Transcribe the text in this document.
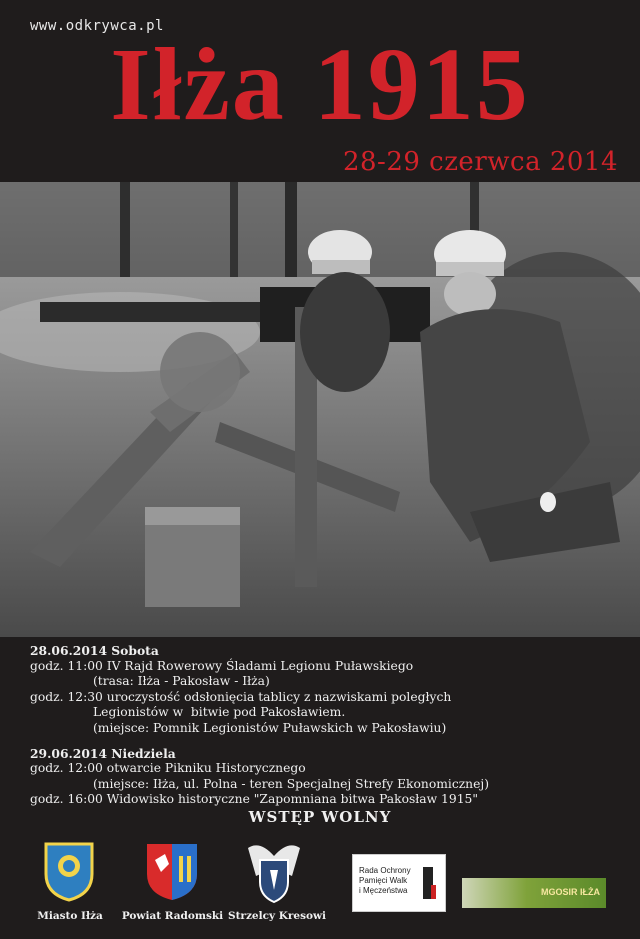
www.odkrywca.pl
Iłża 1915
28-29 czerwca 2014
28.06.2014 Sobota
godz. 11:00 IV Rajd Rowerowy Śladami Legionu Puławskiego
(trasa: Iłża - Pakosław - Iłża)
godz. 12:30 uroczystość odsłonięcia tablicy z nazwiskami poległych
Legionistów w  bitwie pod Pakosławiem.
(miejsce: Pomnik Legionistów Puławskich w Pakosławiu)
29.06.2014 Niedziela
godz. 12:00 otwarcie Pikniku Historycznego
(miejsce: Iłża, ul. Polna - teren Specjalnej Strefy Ekonomicznej)
godz. 16:00 Widowisko historyczne "Zapomniana bitwa Pakosław 1915"
WSTĘP WOLNY
Miasto Iłża	Powiat Radomski Strzelcy Kresowi
Rada Ochrony
Pamięci Walk
i Męczeństwa	MGOSIR IŁŻA
